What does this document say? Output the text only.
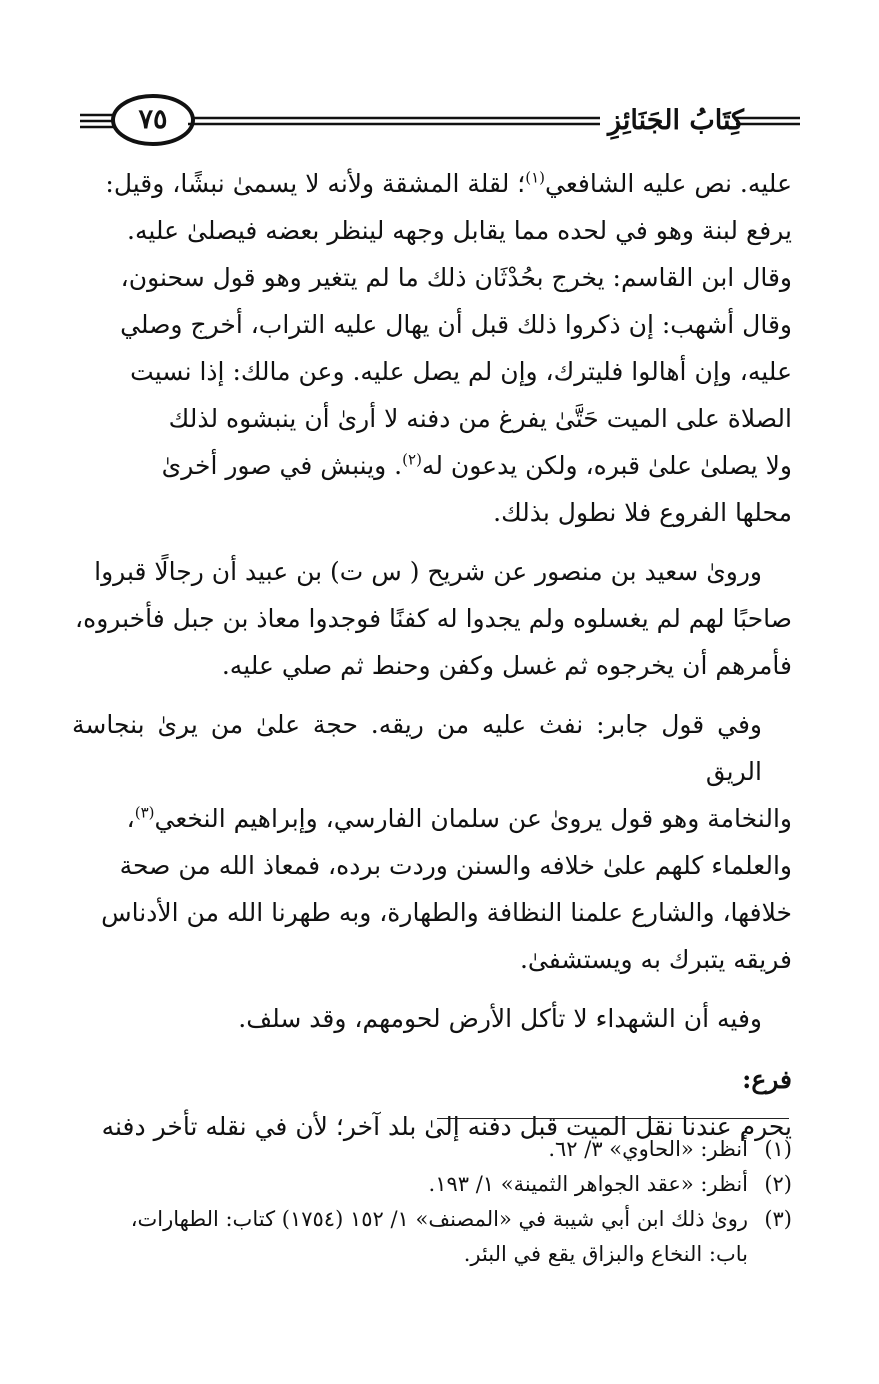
٧٥	كِتَابُ الجَنَائِزِ
عليه. نص عليه الشافعي$^{(١)}$؛ لقلة المشقة ولأنه لا يسمىٰ نبشًا، وقيل:
يرفع لبنة وهو في لحده مما يقابل وجهه لينظر بعضه فيصلىٰ عليه.
وقال ابن القاسم: يخرج بحُدْثَان ذلك ما لم يتغير وهو قول سحنون،
وقال أشهب: إن ذكروا ذلك قبل أن يهال عليه التراب، أخرج وصلي
عليه، وإن أهالوا فليترك، وإن لم يصل عليه. وعن مالك: إذا نسيت
الصلاة على الميت حَتَّىٰ يفرغ من دفنه لا أرىٰ أن ينبشوه لذلك
ولا يصلىٰ علىٰ قبره، ولكن يدعون له$^{(٢)}$. وينبش في صور أخرىٰ
محلها الفروع فلا نطول بذلك.
ورویٰ سعيد بن منصور عن شريح ( س ت) بن عبيد أن رجالًا قبروا
صاحبًا لهم لم يغسلوه ولم يجدوا له كفنًا فوجدوا معاذ بن جبل فأخبروه،
فأمرهم أن يخرجوه ثم غسل وكفن وحنط ثم صلي عليه.
وفي قول جابر: نفث عليه من ريقه. حجة علىٰ من يرىٰ بنجاسة الريق
والنخامة وهو قول يرویٰ عن سلمان الفارسي، وإبراهيم النخعي$^{(٣)}$،
والعلماء كلهم علىٰ خلافه والسنن وردت برده، فمعاذ الله من صحة
خلافها، والشارع علمنا النظافة والطهارة، وبه طهرنا الله من الأدناس
فريقه يتبرك به ويستشفىٰ.
وفيه أن الشهداء لا تأكل الأرض لحومهم، وقد سلف.
فرع:
يحرم عندنا نقل الميت قبل دفنه إلىٰ بلد آخر؛ لأن في نقله تأخر دفنه

(١)أنظر: «الحاوي» ٣/ ٦٢.

(٢)أنظر: «عقد الجواهر الثمينة» ١/ ١٩٣.

(٣)رویٰ ذلك ابن أبي شيبة في «المصنف» ١/ ١٥٢ (١٧٥٤) كتاب: الطهارات،

باب: النخاع والبزاق يقع في البئر.
